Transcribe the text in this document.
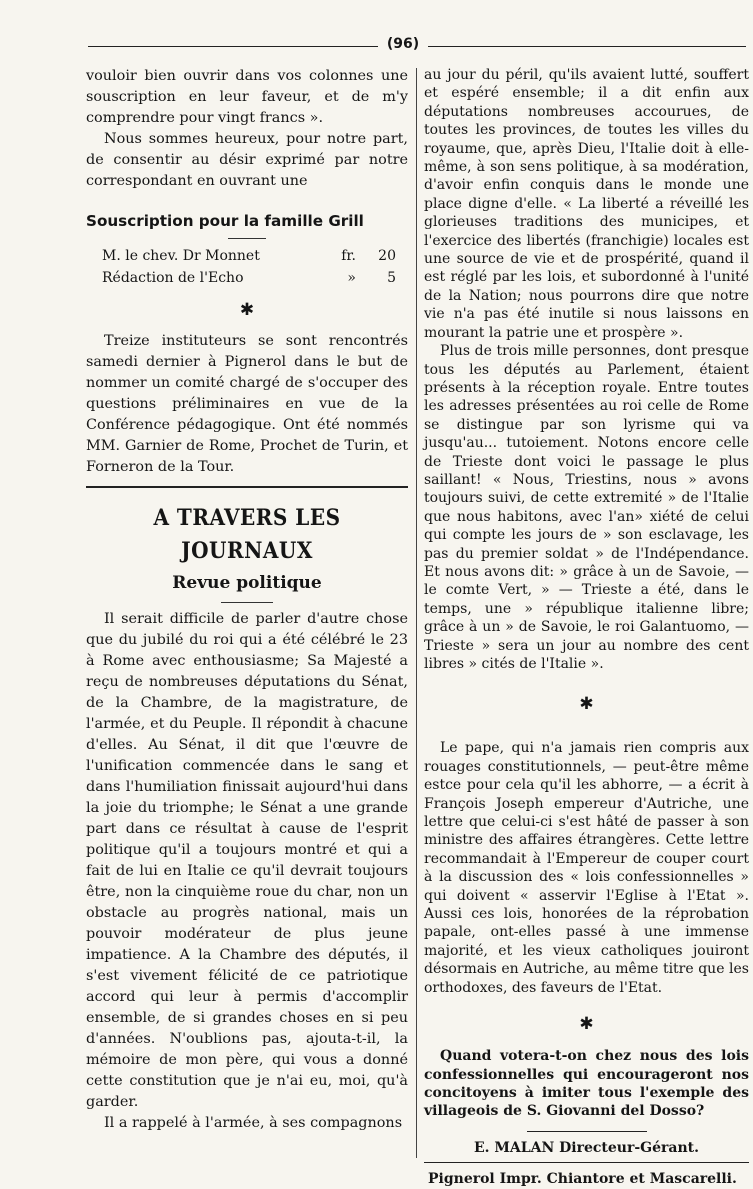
(96)

vouloir bien ouvrir dans vos colonnes une souscription en leur faveur, et de m'y comprendre pour vingt francs ».

Nous sommes heureux, pour notre part, de consentir au désir exprimé par notre correspondant en ouvrant une

Souscription pour la famille Grill
M. le chev. Dr Monnet	fr.	20
Rédaction de l'Echo	»	5
✱

Treize instituteurs se sont rencontrés samedi dernier à Pignerol dans le but de nommer un comité chargé de s'occuper des questions préliminaires en vue de la Conférence pédagogique. Ont été nommés MM. Garnier de Rome, Prochet de Turin, et Forneron de la Tour.

A TRAVERS LES JOURNAUX
Revue politique

Il serait difficile de parler d'autre chose que du jubilé du roi qui a été célébré le 23 à Rome avec enthousiasme; Sa Majesté a reçu de nombreuses députations du Sénat, de la Chambre, de la magistrature, de l'armée, et du Peuple. Il répondit à chacune d'elles. Au Sénat, il dit que l'œuvre de l'unification commencée dans le sang et dans l'humiliation finissait aujourd'hui dans la joie du triomphe; le Sénat a une grande part dans ce résultat à cause de l'esprit politique qu'il a toujours montré et qui a fait de lui en Italie ce qu'il devrait toujours être, non la cinquième roue du char, non un obstacle au progrès national, mais un pouvoir modérateur de plus jeune impatience. A la Chambre des députés, il s'est vivement félicité de ce patriotique accord qui leur à permis d'accomplir ensemble, de si grandes choses en si peu d'années. N'oublions pas, ajouta-t-il, la mémoire de mon père, qui vous a donné cette constitution que je n'ai eu, moi, qu'à garder.

Il a rappelé à l'armée, à ses compagnons

au jour du péril, qu'ils avaient lutté, souffert et espéré ensemble; il a dit enfin aux députations nombreuses accourues, de toutes les provinces, de toutes les villes du royaume, que, après Dieu, l'Italie doit à elle-même, à son sens politique, à sa modération, d'avoir enfin conquis dans le monde une place digne d'elle. « La liberté a réveillé les glorieuses traditions des municipes, et l'exercice des libertés (franchigie) locales est une source de vie et de prospérité, quand il est réglé par les lois, et subordonné à l'unité de la Nation; nous pourrons dire que notre vie n'a pas été inutile si nous laissons en mourant la patrie une et prospère ».

Plus de trois mille personnes, dont presque tous les députés au Parlement, étaient présents à la réception royale. Entre toutes les adresses présentées au roi celle de Rome se distingue par son lyrisme qui va jusqu'au... tutoiement. Notons encore celle de Trieste dont voici le passage le plus saillant! « Nous, Triestins, nous » avons toujours suivi, de cette extremité » de l'Italie que nous habitons, avec l'an» xiété de celui qui compte les jours de » son esclavage, les pas du premier soldat » de l'Indépendance. Et nous avons dit: » grâce à un de Savoie, — le comte Vert, » — Trieste a été, dans le temps, une » république italienne libre; grâce à un » de Savoie, le roi Galantuomo, — Trieste » sera un jour au nombre des cent libres » cités de l'Italie ».

✱

Le pape, qui n'a jamais rien compris aux rouages constitutionnels, — peut-être même estce pour cela qu'il les abhorre, — a écrit à François Joseph empereur d'Autriche, une lettre que celui-ci s'est hâté de passer à son ministre des affaires étrangères. Cette lettre recommandait à l'Empereur de couper court à la discussion des « lois confessionnelles » qui doivent « asservir l'Eglise à l'Etat ». Aussi ces lois, honorées de la réprobation papale, ont-elles passé à une immense majorité, et les vieux catholiques jouiront désormais en Autriche, au même titre que les orthodoxes, des faveurs de l'Etat.

✱

Quand votera-t-on chez nous des lois confessionnelles qui encourageront nos concitoyens à imiter tous l'exemple des villageois de S. Giovanni del Dosso?

E. MALAN Directeur-Gérant.
Pignerol Impr. Chiantore et Mascarelli.
